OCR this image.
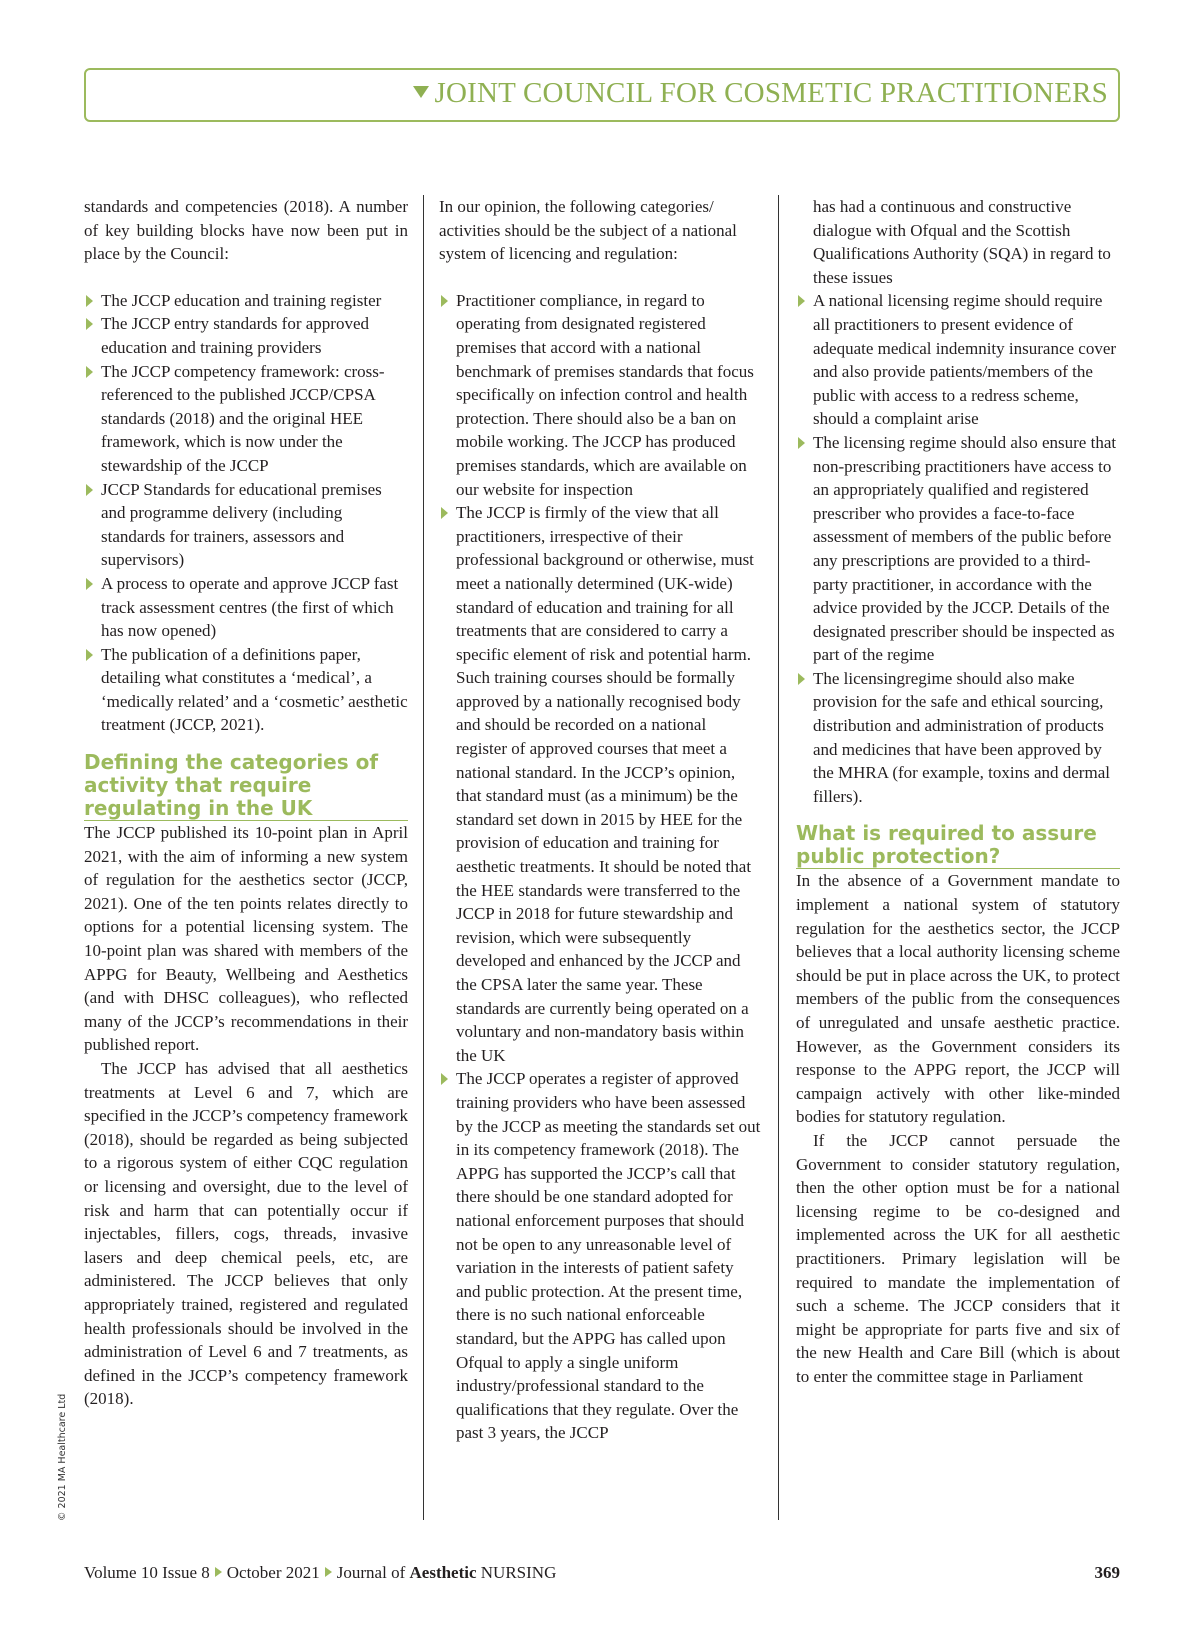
JOINT COUNCIL FOR COSMETIC PRACTITIONERS

standards and competencies (2018). A number of key building blocks have now been put in place by the Council:

The JCCP education and training register
The JCCP entry standards for approved education and training providers
The JCCP competency framework: cross-referenced to the published JCCP/CPSA standards (2018) and the original HEE framework, which is now under the stewardship of the JCCP
JCCP Standards for educational premises and programme delivery (including standards for trainers, assessors and supervisors)
A process to operate and approve JCCP fast track assessment centres (the first of which has now opened)
The publication of a definitions paper, detailing what constitutes a ‘medical’, a ‘medically related’ and a ‘cosmetic’ aesthetic treatment (JCCP, 2021).
Defining the categories of activity that require regulating in the UK

The JCCP published its 10-point plan in April 2021, with the aim of informing a new system of regulation for the aesthetics sector (JCCP, 2021). One of the ten points relates directly to options for a potential licensing system. The 10-point plan was shared with members of the APPG for Beauty, Wellbeing and Aesthetics (and with DHSC colleagues), who reflected many of the JCCP’s recommendations in their published report.

The JCCP has advised that all aesthetics treatments at Level 6 and 7, which are specified in the JCCP’s competency framework (2018), should be regarded as being subjected to a rigorous system of either CQC regulation or licensing and oversight, due to the level of risk and harm that can potentially occur if injectables, fillers, cogs, threads, invasive lasers and deep chemical peels, etc, are administered. The JCCP believes that only appropriately trained, registered and regulated health professionals should be involved in the administration of Level 6 and 7 treatments, as defined in the JCCP’s competency framework (2018).

In our opinion, the following categories/ activities should be the subject of a national system of licencing and regulation:

Practitioner compliance, in regard to operating from designated registered premises that accord with a national benchmark of premises standards that focus specifically on infection control and health protection. There should also be a ban on mobile working. The JCCP has produced premises standards, which are available on our website for inspection
The JCCP is firmly of the view that all practitioners, irrespective of their professional background or otherwise, must meet a nationally determined (UK-wide) standard of education and training for all treatments that are considered to carry a specific element of risk and potential harm. Such training courses should be formally approved by a nationally recognised body and should be recorded on a national register of approved courses that meet a national standard. In the JCCP’s opinion, that standard must (as a minimum) be the standard set down in 2015 by HEE for the provision of education and training for aesthetic treatments. It should be noted that the HEE standards were transferred to the JCCP in 2018 for future stewardship and revision, which were subsequently developed and enhanced by the JCCP and the CPSA later the same year. These standards are currently being operated on a voluntary and non-mandatory basis within the UK
The JCCP operates a register of approved training providers who have been assessed by the JCCP as meeting the standards set out in its competency framework (2018). The APPG has supported the JCCP’s call that there should be one standard adopted for national enforcement purposes that should not be open to any unreasonable level of variation in the interests of patient safety and public protection. At the present time, there is no such national enforceable standard, but the APPG has called upon Ofqual to apply a single uniform industry/professional standard to the qualifications that they regulate. Over the past 3 years, the JCCP
has had a continuous and constructive dialogue with Ofqual and the Scottish Qualifications Authority (SQA) in regard to these issues
A national licensing regime should require all practitioners to present evidence of adequate medical indemnity insurance cover and also provide patients/members of the public with access to a redress scheme, should a complaint arise
The licensing regime should also ensure that non-prescribing practitioners have access to an appropriately qualified and registered prescriber who provides a face-to-face assessment of members of the public before any prescriptions are provided to a third-party practitioner, in accordance with the advice provided by the JCCP. Details of the designated prescriber should be inspected as part of the regime
The licensingregime should also make provision for the safe and ethical sourcing, distribution and administration of products and medicines that have been approved by the MHRA (for example, toxins and dermal fillers).
What is required to assure public protection?

In the absence of a Government mandate to implement a national system of statutory regulation for the aesthetics sector, the JCCP believes that a local authority licensing scheme should be put in place across the UK, to protect members of the public from the consequences of unregulated and unsafe aesthetic practice. However, as the Government considers its response to the APPG report, the JCCP will campaign actively with other like-minded bodies for statutory regulation.

If the JCCP cannot persuade the Government to consider statutory regulation, then the other option must be for a national licensing regime to be co-designed and implemented across the UK for all aesthetic practitioners. Primary legislation will be required to mandate the implementation of such a scheme. The JCCP considers that it might be appropriate for parts five and six of the new Health and Care Bill (which is about to enter the committee stage in Parliament

© 2021 MA Healthcare Ltd
Volume 10 Issue 8 October 2021 Journal of Aesthetic NURSING	369
